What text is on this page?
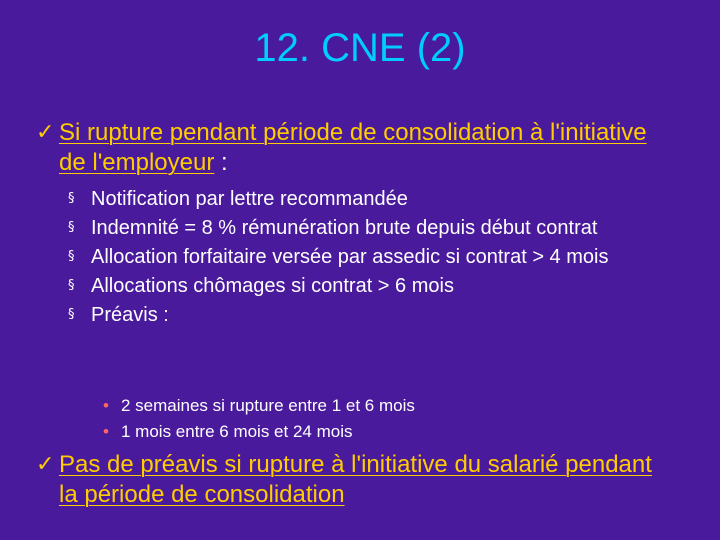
12. CNE (2)
✓ Si rupture pendant période de consolidation à l'initiative de l'employeur :
§ Notification par lettre recommandée
§ Indemnité = 8 % rémunération brute depuis début contrat
§ Allocation forfaitaire versée par assedic si contrat > 4 mois
§ Allocations chômages si contrat > 6 mois
§ Préavis :
• 2 semaines si rupture entre 1 et 6 mois
• 1 mois entre 6 mois et 24 mois
✓ Pas de préavis si rupture à l'initiative du salarié pendant la période de consolidation
